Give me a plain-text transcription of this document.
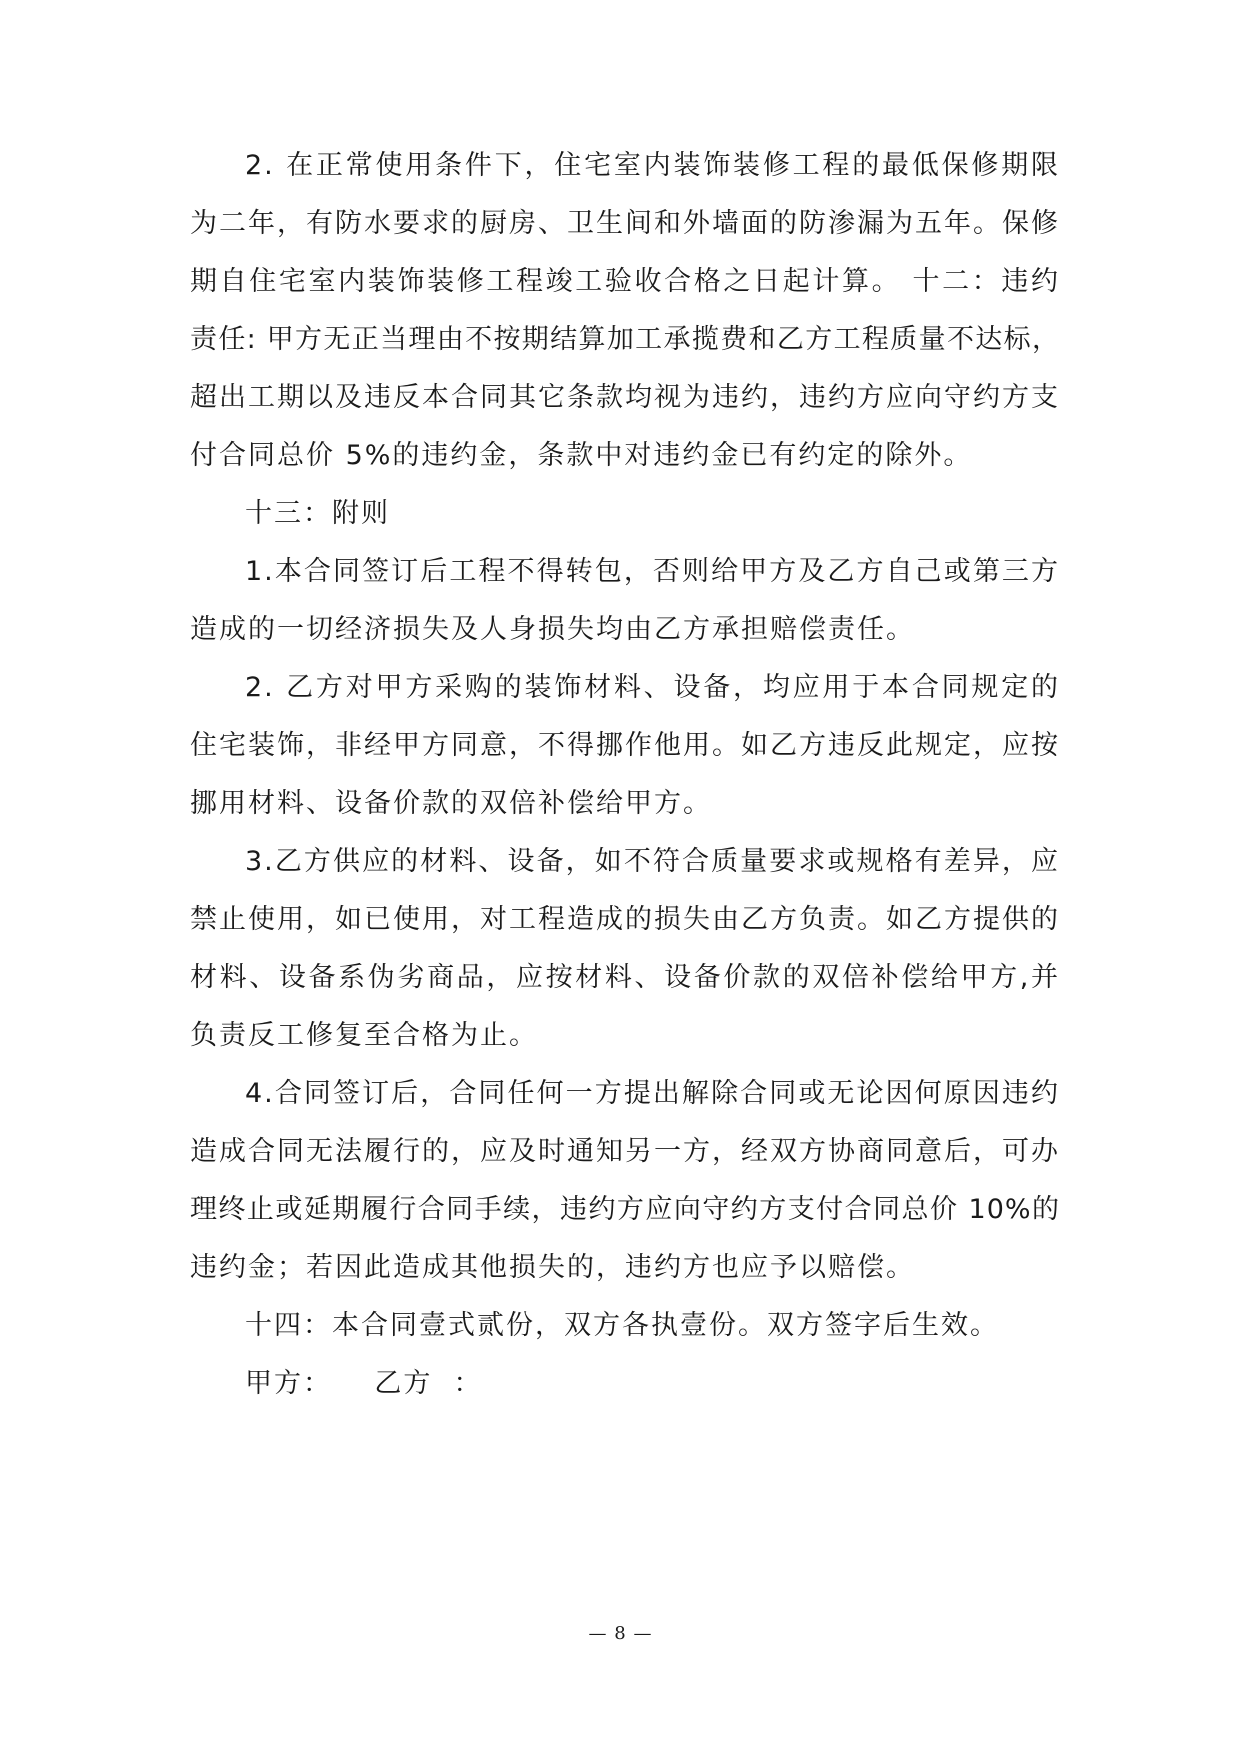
2. 在正常使用条件下，住宅室内装饰装修工程的最低保修期限
为二年，有防水要求的厨房、卫生间和外墙面的防渗漏为五年。保修
期自住宅室内装饰装修工程竣工验收合格之日起计算。 十二：违约
责任: 甲方无正当理由不按期结算加工承揽费和乙方工程质量不达标，
超出工期以及违反本合同其它条款均视为违约，违约方应向守约方支
付合同总价 5%的违约金，条款中对违约金已有约定的除外。
十三：附则
1.本合同签订后工程不得转包，否则给甲方及乙方自己或第三方
造成的一切经济损失及人身损失均由乙方承担赔偿责任。
2. 乙方对甲方采购的装饰材料、设备，均应用于本合同规定的
住宅装饰，非经甲方同意，不得挪作他用。如乙方违反此规定，应按
挪用材料、设备价款的双倍补偿给甲方。
3.乙方供应的材料、设备，如不符合质量要求或规格有差异，应
禁止使用，如已使用，对工程造成的损失由乙方负责。如乙方提供的
材料、设备系伪劣商品，应按材料、设备价款的双倍补偿给甲方,并
负责反工修复至合格为止。
4.合同签订后，合同任何一方提出解除合同或无论因何原因违约
造成合同无法履行的，应及时通知另一方，经双方协商同意后，可办
理终止或延期履行合同手续，违约方应向守约方支付合同总价 10%的
违约金；若因此造成其他损失的，违约方也应予以赔偿。
十四：本合同壹式贰份，双方各执壹份。双方签字后生效。
甲方：    乙方  ：
— 8 —
